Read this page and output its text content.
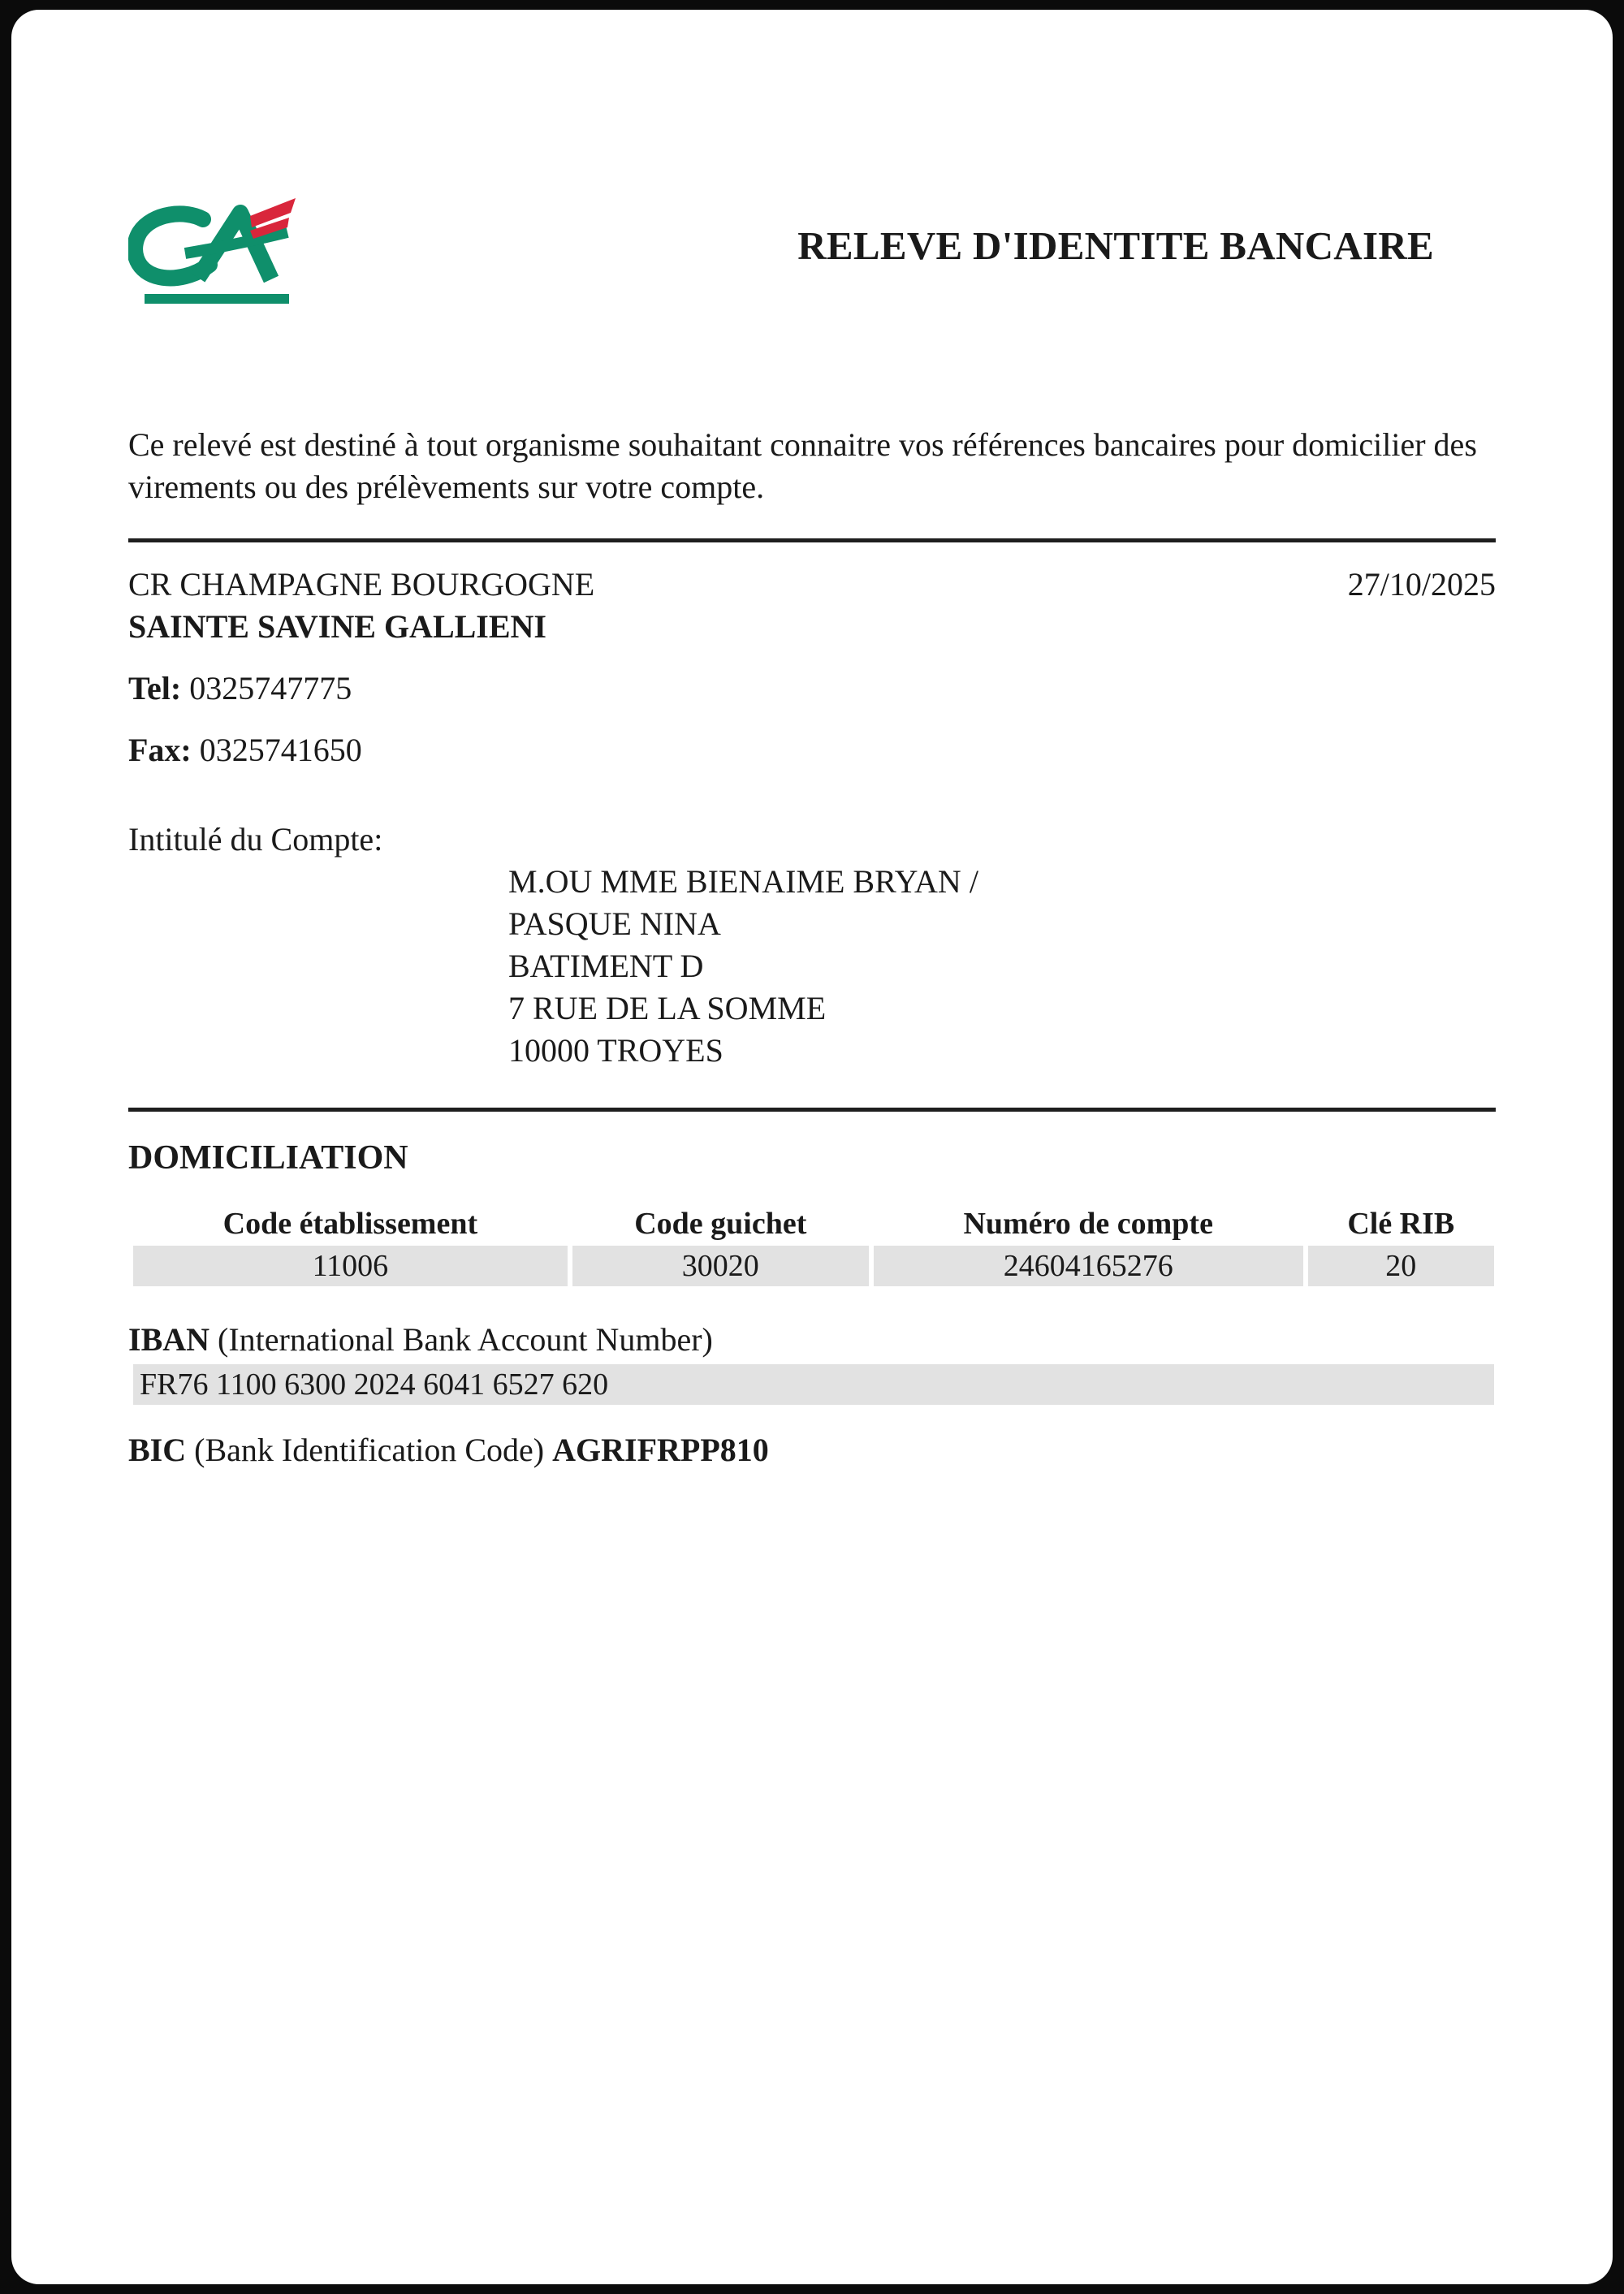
RELEVE D'IDENTITE BANCAIRE
Ce relevé est destiné à tout organisme souhaitant connaitre vos références bancaires pour domicilier des virements ou des prélèvements sur votre compte.
CR CHAMPAGNE BOURGOGNE	27/10/2025
SAINTE SAVINE GALLIENI
Tel: 0325747775
Fax: 0325741650
Intitulé du Compte:
M.OU MME BIENAIME BRYAN /
PASQUE NINA
BATIMENT D
7 RUE DE LA SOMME
10000 TROYES
DOMICILIATION
Code établissement	Code guichet	Numéro de compte	Clé RIB
11006	30020	24604165276	20
IBAN (International Bank Account Number)
FR76 1100 6300 2024 6041 6527 620
BIC (Bank Identification Code) AGRIFRPP810
